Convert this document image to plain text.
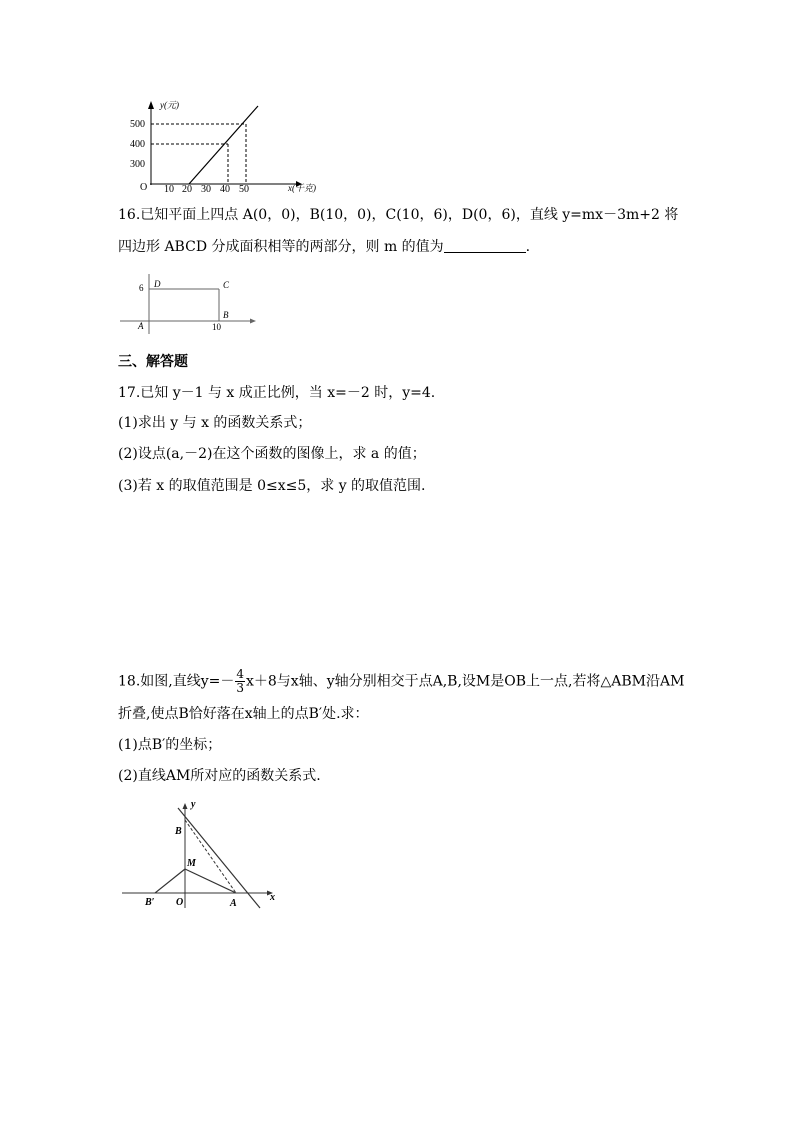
y(元)
500
400
300
O 10 20 30 40 50	x(千克)
16.已知平面上四点 A(0，0)，B(10，0)，C(10，6)，D(0，6)，直线 y=mx－3m+2 将
四边形 ABCD 分成面积相等的两部分，则 m 的值为	.
6 D	C
B
A	10
三、解答题
17.已知 y－1 与 x 成正比例，当 x=－2 时，y=4.
(1)求出 y 与 x 的函数关系式；
(2)设点(a,－2)在这个函数的图像上，求 a 的值；
(3)若 x 的取值范围是 0≤x≤5，求 y 的取值范围.
18.如图,直线$y=- \frac{4}{3} x+8$与x轴、y轴分别相交于点A,B,设M是OB上一点,若将△ABM沿AM
折叠,使点B恰好落在x轴上的点B′处.求：
(1)点B′的坐标；
(2)直线AM所对应的函数关系式.
y
B
M
O	A
B′	x
